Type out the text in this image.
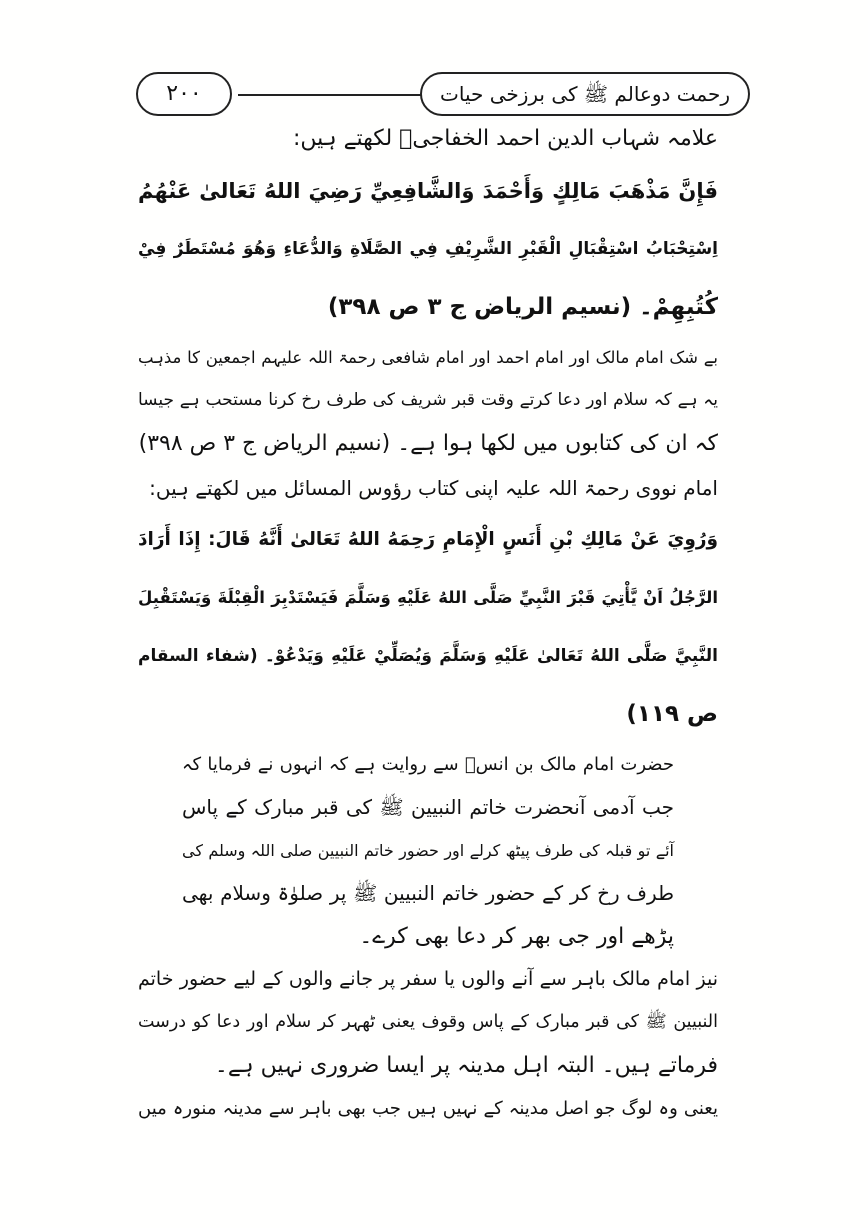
رحمت دوعالم ﷺ کی برزخی حیات
۲۰۰
علامہ شہاب الدین احمد الخفاجیؒ لکھتے ہیں:
فَإِنَّ مَذْهَبَ مَالِكٍ وَأَحْمَدَ وَالشَّافِعِيِّ رَضِيَ اللهُ تَعَالىٰ عَنْهُمُ
اِسْتِحْبَابُ اسْتِقْبَالِ الْقَبْرِ الشَّرِيْفِ فِي الصَّلَاةِ وَالدُّعَاءِ وَهُوَ مُسْتَطَرٌ فِيْ
كُتُبِهِمْ۔ (نسیم الریاض ج ۳ ص ۳۹۸)
بے شک امام مالک اور امام احمد اور امام شافعی رحمۃ اللہ علیہم اجمعین کا مذہب
یہ ہے کہ سلام اور دعا کرتے وقت قبر شریف کی طرف رخ کرنا مستحب ہے جیسا
کہ ان کی کتابوں میں لکھا ہوا ہے۔ (نسیم الریاض ج ۳ ص ۳۹۸)
امام نووی رحمۃ اللہ علیہ اپنی کتاب رؤوس المسائل میں لکھتے ہیں:
وَرُوِيَ عَنْ مَالِكِ بْنِ أَنَسٍ الْإِمَامِ رَحِمَهُ اللهُ تَعَالىٰ أَنَّهُ قَالَ: إِذَا أَرَادَ
الرَّجُلُ اَنْ يَّأْتِيَ قَبْرَ النَّبِيِّ صَلَّى اللهُ عَلَيْهِ وَسَلَّمَ فَيَسْتَدْبِرَ الْقِبْلَةَ وَيَسْتَقْبِلَ
النَّبِيَّ صَلَّى اللهُ تَعَالىٰ عَلَيْهِ وَسَلَّمَ وَيُصَلِّيْ عَلَيْهِ وَيَدْعُوْ۔ (شفاء السقام
ص ۱۱۹)
حضرت امام مالک بن انسؒ سے روایت ہے کہ انہوں نے فرمایا کہ
جب آدمی آنحضرت خاتم النبیین ﷺ کی قبر مبارک کے پاس
آئے تو قبلہ کی طرف پیٹھ کرلے اور حضور خاتم النبیین صلی اللہ وسلم کی
طرف رخ کر کے حضور خاتم النبیین ﷺ پر صلوٰۃ وسلام بھی
پڑھے اور جی بھر کر دعا بھی کرے۔
نیز امام مالک باہر سے آنے والوں یا سفر پر جانے والوں کے لیے حضور خاتم
النبیین ﷺ کی قبر مبارک کے پاس وقوف یعنی ٹھہر کر سلام اور دعا کو درست
فرماتے ہیں۔ البتہ اہل مدینہ پر ایسا ضروری نہیں ہے۔
یعنی وہ لوگ جو اصل مدینہ کے نہیں ہیں جب بھی باہر سے مدینہ منورہ میں
